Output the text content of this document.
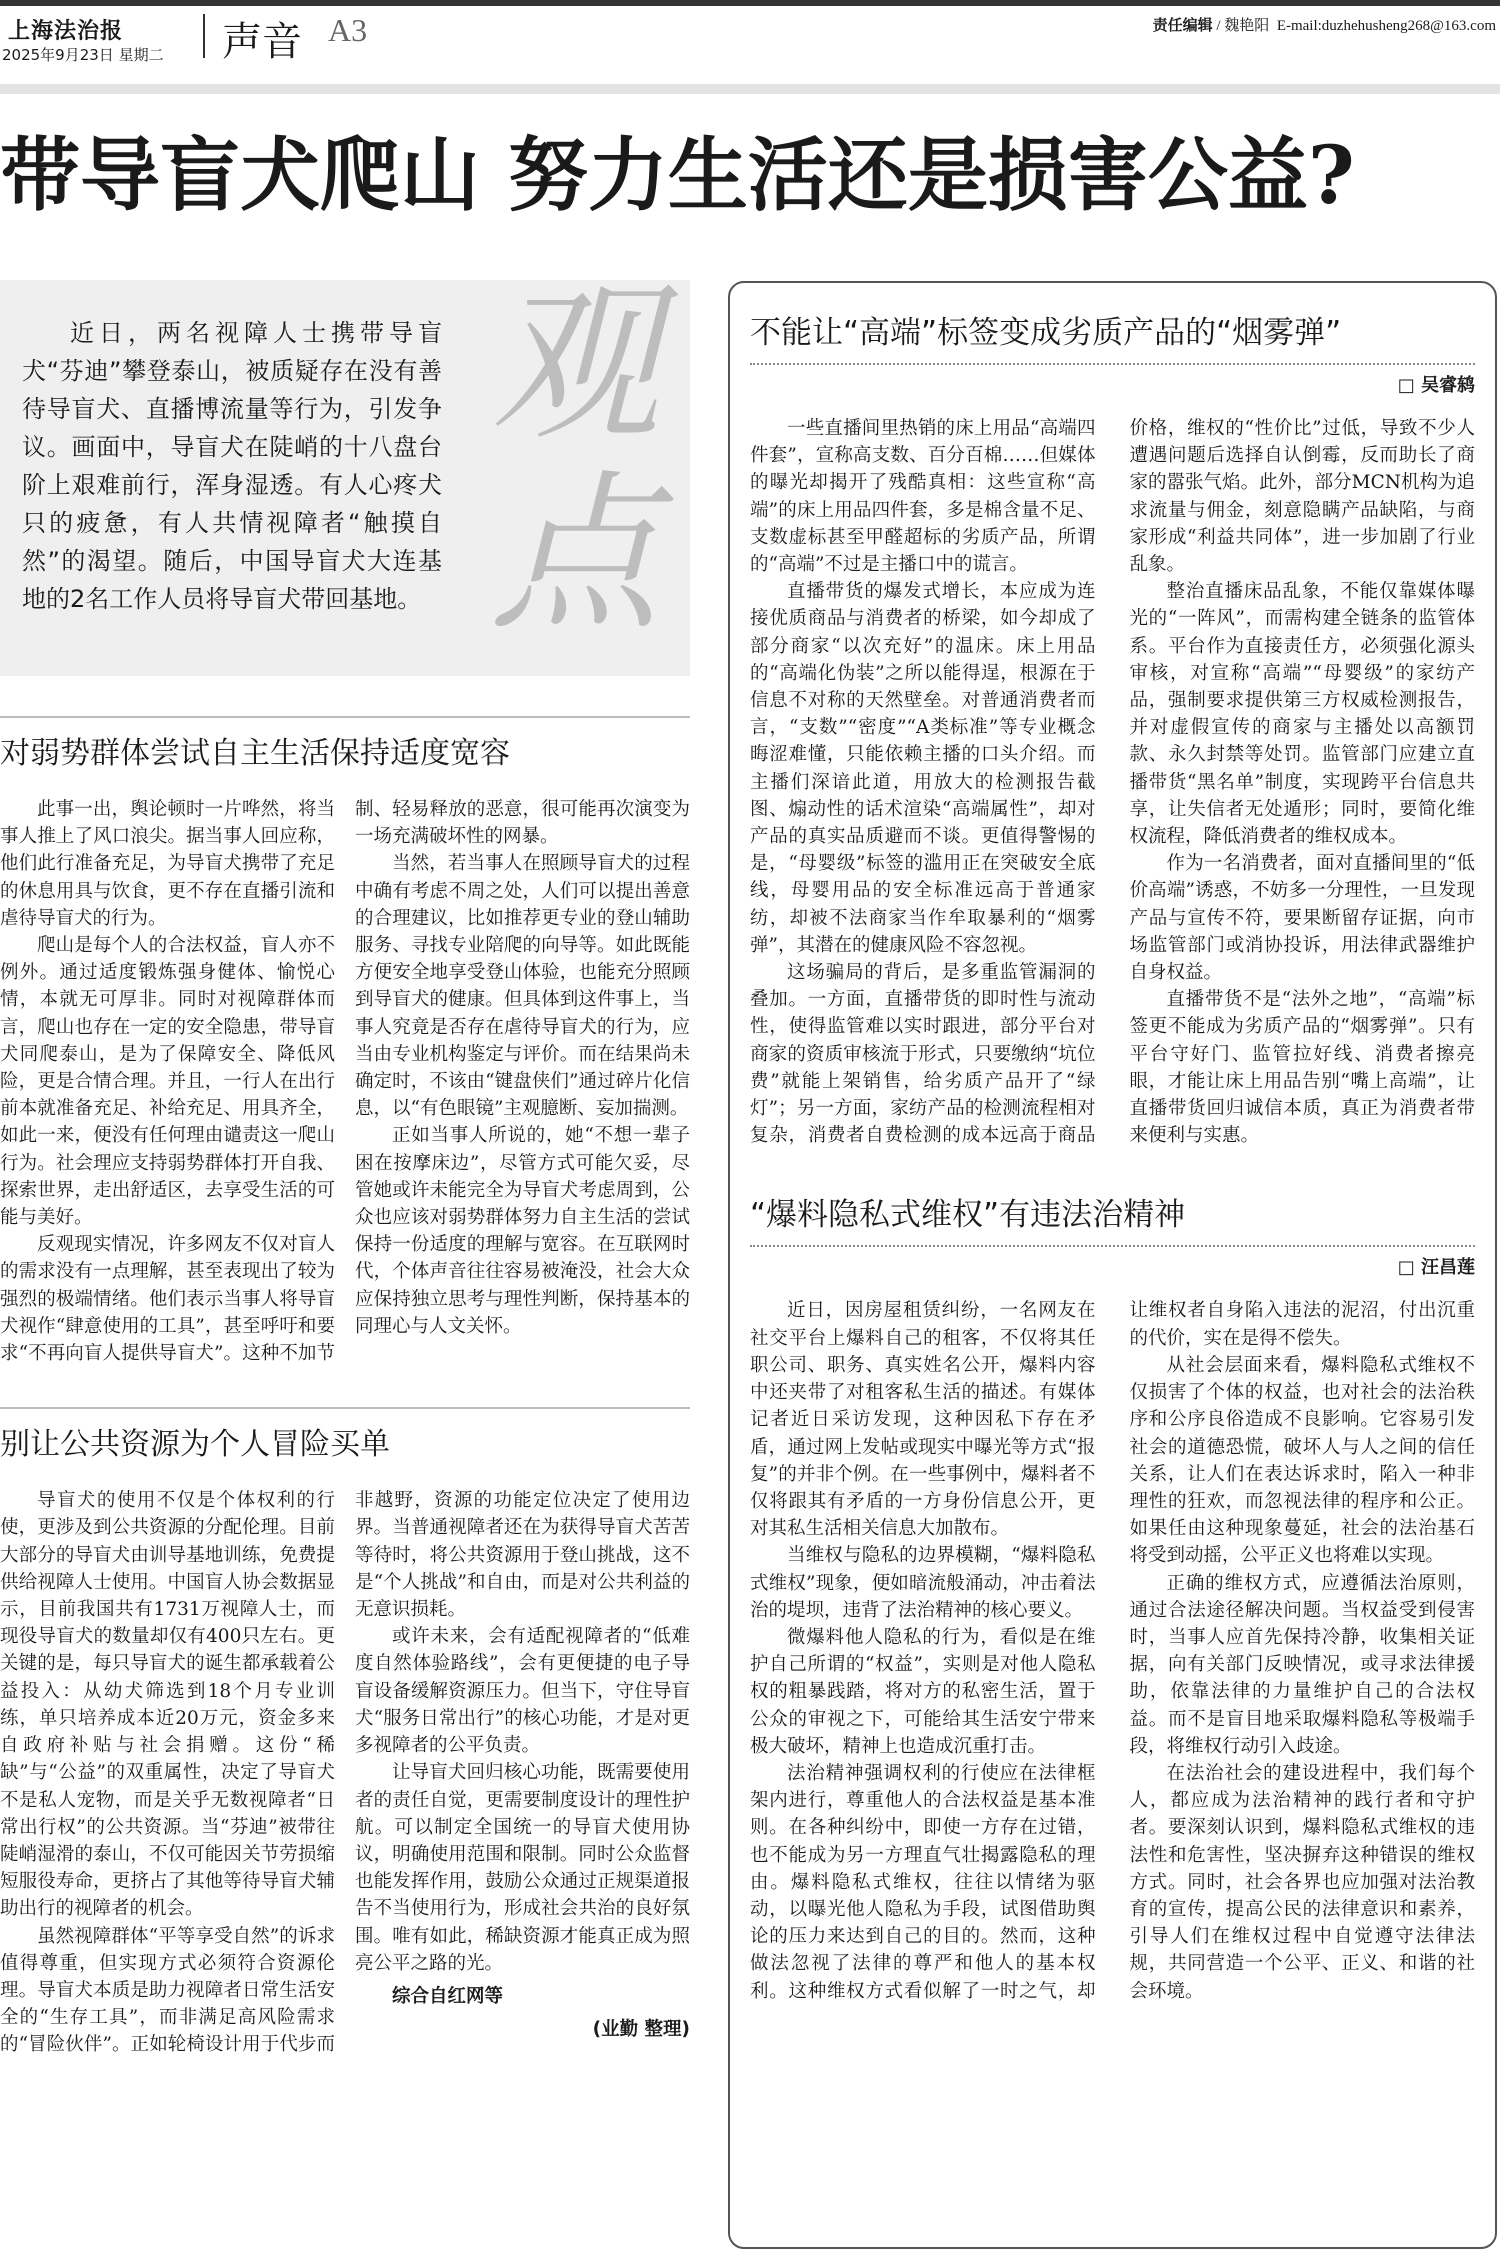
上海法治报
2025年9月23日 星期二 声音 A3	责任编辑 / 魏艳阳 E-mail:duzhehusheng268@163.com
带导盲犬爬山 努力生活还是损害公益?

近日，两名视障人士携带导盲犬“芬迪”攀登泰山，被质疑存在没有善待导盲犬、直播博流量等行为，引发争议。画面中，导盲犬在陡峭的十八盘台阶上艰难前行，浑身湿透。有人心疼犬只的疲惫，有人共情视障者“触摸自然”的渴望。随后，中国导盲犬大连基地的2名工作人员将导盲犬带回基地。

观点
对弱势群体尝试自主生活保持适度宽容

此事一出，舆论顿时一片哗然，将当事人推上了风口浪尖。据当事人回应称，他们此行准备充足，为导盲犬携带了充足的休息用具与饮食，更不存在直播引流和虐待导盲犬的行为。

爬山是每个人的合法权益，盲人亦不例外。通过适度锻炼强身健体、愉悦心情，本就无可厚非。同时对视障群体而言，爬山也存在一定的安全隐患，带导盲犬同爬泰山，是为了保障安全、降低风险，更是合情合理。并且，一行人在出行前本就准备充足、补给充足、用具齐全，如此一来，便没有任何理由谴责这一爬山行为。社会理应支持弱势群体打开自我、探索世界，走出舒适区，去享受生活的可能与美好。

反观现实情况，许多网友不仅对盲人的需求没有一点理解，甚至表现出了较为强烈的极端情绪。他们表示当事人将导盲犬视作“肆意使用的工具”，甚至呼吁和要求“不再向盲人提供导盲犬”。这种不加节制、轻易释放的恶意，很可能再次演变为一场充满破坏性的网暴。

当然，若当事人在照顾导盲犬的过程中确有考虑不周之处，人们可以提出善意的合理建议，比如推荐更专业的登山辅助服务、寻找专业陪爬的向导等。如此既能方便安全地享受登山体验，也能充分照顾到导盲犬的健康。但具体到这件事上，当事人究竟是否存在虐待导盲犬的行为，应当由专业机构鉴定与评价。而在结果尚未确定时，不该由“键盘侠们”通过碎片化信息，以“有色眼镜”主观臆断、妄加揣测。

正如当事人所说的，她“不想一辈子困在按摩床边”，尽管方式可能欠妥，尽管她或许未能完全为导盲犬考虑周到，公众也应该对弱势群体努力自主生活的尝试保持一份适度的理解与宽容。在互联网时代，个体声音往往容易被淹没，社会大众应保持独立思考与理性判断，保持基本的同理心与人文关怀。

别让公共资源为个人冒险买单

导盲犬的使用不仅是个体权利的行使，更涉及到公共资源的分配伦理。目前大部分的导盲犬由训导基地训练，免费提供给视障人士使用。中国盲人协会数据显示，目前我国共有1731万视障人士，而现役导盲犬的数量却仅有400只左右。更关键的是，每只导盲犬的诞生都承载着公益投入：从幼犬筛选到18个月专业训练，单只培养成本近20万元，资金多来自政府补贴与社会捐赠。这份“稀缺”与“公益”的双重属性，决定了导盲犬不是私人宠物，而是关乎无数视障者“日常出行权”的公共资源。当“芬迪”被带往陡峭湿滑的泰山，不仅可能因关节劳损缩短服役寿命，更挤占了其他等待导盲犬辅助出行的视障者的机会。

虽然视障群体“平等享受自然”的诉求值得尊重，但实现方式必须符合资源伦理。导盲犬本质是助力视障者日常生活安全的“生存工具”，而非满足高风险需求的“冒险伙伴”。正如轮椅设计用于代步而非越野，资源的功能定位决定了使用边界。当普通视障者还在为获得导盲犬苦苦等待时，将公共资源用于登山挑战，这不是“个人挑战”和自由，而是对公共利益的无意识损耗。

或许未来，会有适配视障者的“低难度自然体验路线”，会有更便捷的电子导盲设备缓解资源压力。但当下，守住导盲犬“服务日常出行”的核心功能，才是对更多视障者的公平负责。

让导盲犬回归核心功能，既需要使用者的责任自觉，更需要制度设计的理性护航。可以制定全国统一的导盲犬使用协议，明确使用范围和限制。同时公众监督也能发挥作用，鼓励公众通过正规渠道报告不当使用行为，形成社会共治的良好氛围。唯有如此，稀缺资源才能真正成为照亮公平之路的光。

综合自红网等

(业勤 整理)

不能让“高端”标签变成劣质产品的“烟雾弹”
□ 吴睿鸫

一些直播间里热销的床上用品“高端四件套”，宣称高支数、百分百棉……但媒体的曝光却揭开了残酷真相：这些宣称“高端”的床上用品四件套，多是棉含量不足、支数虚标甚至甲醛超标的劣质产品，所谓的“高端”不过是主播口中的谎言。

直播带货的爆发式增长，本应成为连接优质商品与消费者的桥梁，如今却成了部分商家“以次充好”的温床。床上用品的“高端化伪装”之所以能得逞，根源在于信息不对称的天然壁垒。对普通消费者而言，“支数”“密度”“A类标准”等专业概念晦涩难懂，只能依赖主播的口头介绍。而主播们深谙此道，用放大的检测报告截图、煽动性的话术渲染“高端属性”，却对产品的真实品质避而不谈。更值得警惕的是，“母婴级”标签的滥用正在突破安全底线，母婴用品的安全标准远高于普通家纺，却被不法商家当作牟取暴利的“烟雾弹”，其潜在的健康风险不容忽视。

这场骗局的背后，是多重监管漏洞的叠加。一方面，直播带货的即时性与流动性，使得监管难以实时跟进，部分平台对商家的资质审核流于形式，只要缴纳“坑位费”就能上架销售，给劣质产品开了“绿灯”；另一方面，家纺产品的检测流程相对复杂，消费者自费检测的成本远高于商品价格，维权的“性价比”过低，导致不少人遭遇问题后选择自认倒霉，反而助长了商家的嚣张气焰。此外，部分MCN机构为追求流量与佣金，刻意隐瞒产品缺陷，与商家形成“利益共同体”，进一步加剧了行业乱象。

整治直播床品乱象，不能仅靠媒体曝光的“一阵风”，而需构建全链条的监管体系。平台作为直接责任方，必须强化源头审核，对宣称“高端”“母婴级”的家纺产品，强制要求提供第三方权威检测报告，并对虚假宣传的商家与主播处以高额罚款、永久封禁等处罚。监管部门应建立直播带货“黑名单”制度，实现跨平台信息共享，让失信者无处遁形；同时，要简化维权流程，降低消费者的维权成本。

作为一名消费者，面对直播间里的“低价高端”诱惑，不妨多一分理性，一旦发现产品与宣传不符，要果断留存证据，向市场监管部门或消协投诉，用法律武器维护自身权益。

直播带货不是“法外之地”，“高端”标签更不能成为劣质产品的“烟雾弹”。只有平台守好门、监管拉好线、消费者擦亮眼，才能让床上用品告别“嘴上高端”，让直播带货回归诚信本质，真正为消费者带来便利与实惠。

“爆料隐私式维权”有违法治精神
□ 汪昌莲

近日，因房屋租赁纠纷，一名网友在社交平台上爆料自己的租客，不仅将其任职公司、职务、真实姓名公开，爆料内容中还夹带了对租客私生活的描述。有媒体记者近日采访发现，这种因私下存在矛盾，通过网上发帖或现实中曝光等方式“报复”的并非个例。在一些事例中，爆料者不仅将跟其有矛盾的一方身份信息公开，更对其私生活相关信息大加散布。

当维权与隐私的边界模糊，“爆料隐私式维权”现象，便如暗流般涌动，冲击着法治的堤坝，违背了法治精神的核心要义。

微爆料他人隐私的行为，看似是在维护自己所谓的“权益”，实则是对他人隐私权的粗暴践踏，将对方的私密生活，置于公众的审视之下，可能给其生活安宁带来极大破坏，精神上也造成沉重打击。

法治精神强调权利的行使应在法律框架内进行，尊重他人的合法权益是基本准则。在各种纠纷中，即使一方存在过错，也不能成为另一方理直气壮揭露隐私的理由。爆料隐私式维权，往往以情绪为驱动，以曝光他人隐私为手段，试图借助舆论的压力来达到自己的目的。然而，这种做法忽视了法律的尊严和他人的基本权利。这种维权方式看似解了一时之气，却让维权者自身陷入违法的泥沼，付出沉重的代价，实在是得不偿失。

从社会层面来看，爆料隐私式维权不仅损害了个体的权益，也对社会的法治秩序和公序良俗造成不良影响。它容易引发社会的道德恐慌，破坏人与人之间的信任关系，让人们在表达诉求时，陷入一种非理性的狂欢，而忽视法律的程序和公正。如果任由这种现象蔓延，社会的法治基石将受到动摇，公平正义也将难以实现。

正确的维权方式，应遵循法治原则，通过合法途径解决问题。当权益受到侵害时，当事人应首先保持冷静，收集相关证据，向有关部门反映情况，或寻求法律援助，依靠法律的力量维护自己的合法权益。而不是盲目地采取爆料隐私等极端手段，将维权行动引入歧途。

在法治社会的建设进程中，我们每个人，都应成为法治精神的践行者和守护者。要深刻认识到，爆料隐私式维权的违法性和危害性，坚决摒弃这种错误的维权方式。同时，社会各界也应加强对法治教育的宣传，提高公民的法律意识和素养，引导人们在维权过程中自觉遵守法律法规，共同营造一个公平、正义、和谐的社会环境。
